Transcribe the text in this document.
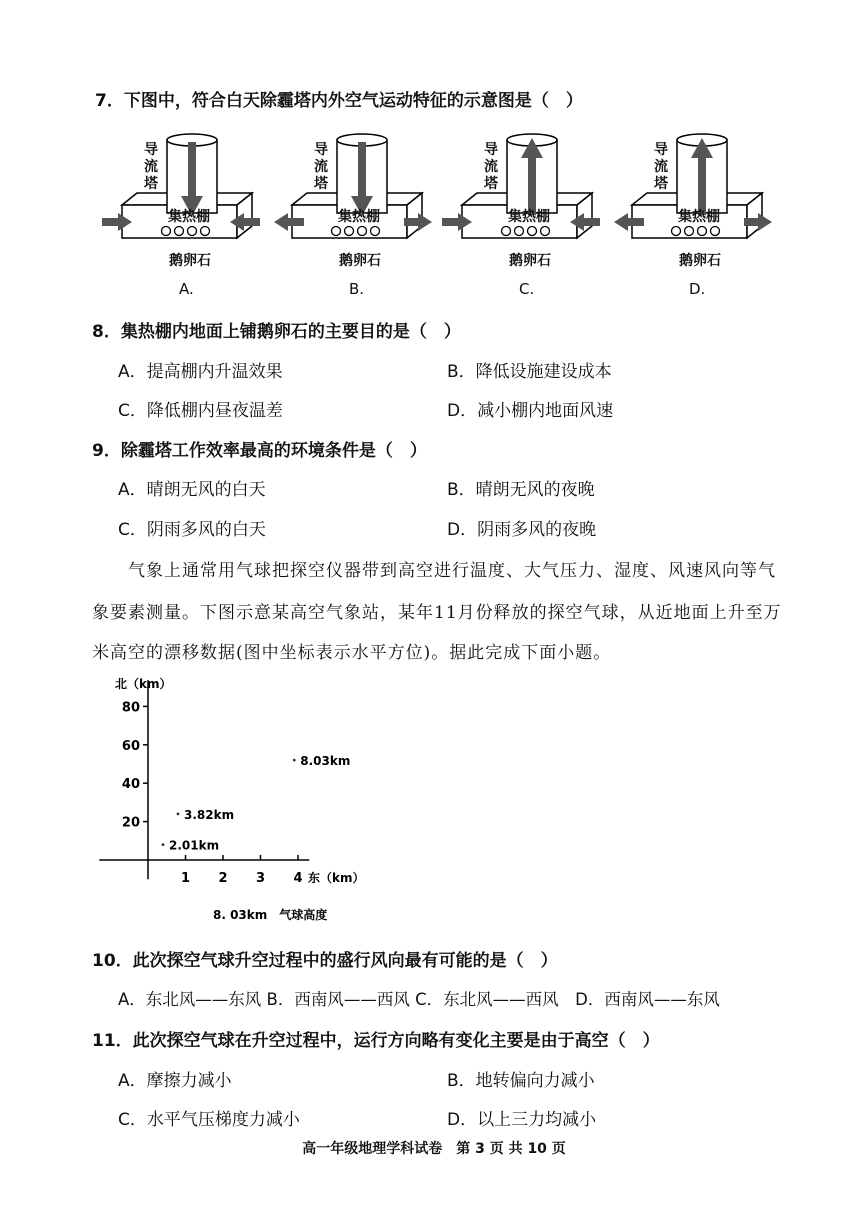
7．下图中，符合白天除霾塔内外空气运动特征的示意图是（　）
导流塔
集热棚
鹅卵石
导流塔
集热棚
鹅卵石
导流塔
集热棚
鹅卵石
导流塔
集热棚
鹅卵石
8．集热棚内地面上铺鹅卵石的主要目的是（　）
A．提高棚内升温效果	B．降低设施建设成本
C．降低棚内昼夜温差	D．减小棚内地面风速
9．除霾塔工作效率最高的环境条件是（　）
A．晴朗无风的白天	B．晴朗无风的夜晚
C．阴雨多风的白天	D．阴雨多风的夜晚
　　气象上通常用气球把探空仪器带到高空进行温度、大气压力、湿度、风速风向等气
象要素测量。下图示意某高空气象站，某年11月份释放的探空气球，从近地面上升至万
米高空的漂移数据(图中坐标表示水平方位)。据此完成下面小题。
北（km）
东（km）
80
60
40
20
1 2 3 4
2.01km
3.82km
8.03km
8. 03km　气球高度
10．此次探空气球升空过程中的盛行风向最有可能的是（　）
A．东北风——东风 B．西南风——西风 C．东北风——西风　D．西南风——东风
11．此次探空气球在升空过程中，运行方向略有变化主要是由于高空（　）
A．摩擦力减小	B．地转偏向力减小
C．水平气压梯度力减小	D．以上三力均减小
高一年级地理学科试卷　第 3 页 共 10 页
A.	B.	C.	D.
